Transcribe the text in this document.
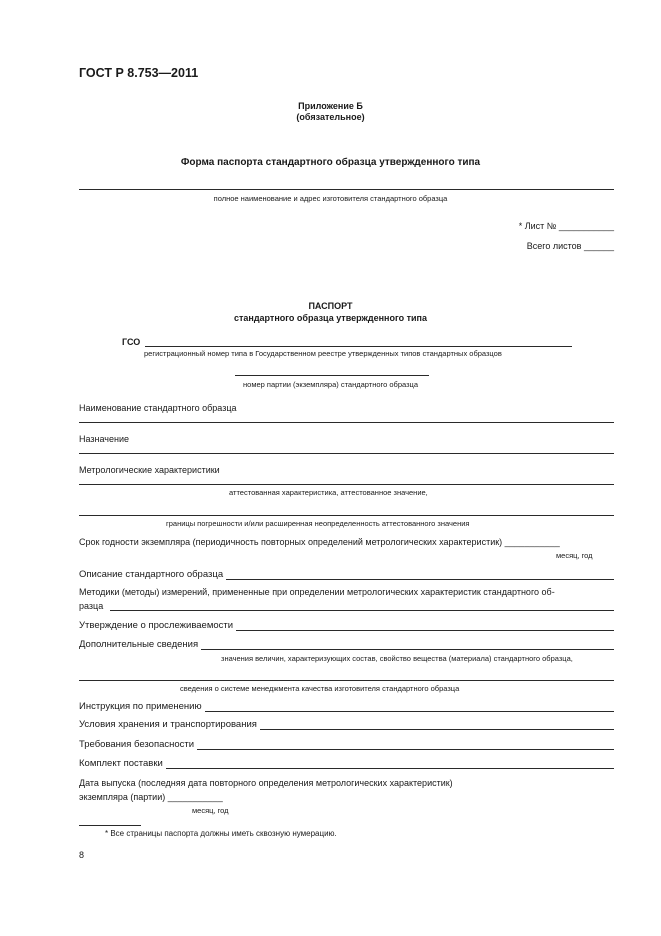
ГОСТ Р 8.753—2011
Приложение Б
(обязательное)
Форма паспорта стандартного образца утвержденного типа
полное наименование и адрес изготовителя стандартного образца
* Лист № ___________
Всего листов ______
ПАСПОРТ
стандартного образца утвержденного типа
ГСО
регистрационный номер типа в Государственном реестре утвержденных типов стандартных образцов
номер партии (экземпляра) стандартного образца
Наименование стандартного образца
Назначение
Метрологические характеристики
аттестованная характеристика, аттестованное значение,
границы погрешности и/или расширенная неопределенность аттестованного значения
Срок годности экземпляра (периодичность повторных определений метрологических характеристик) ___________
месяц, год
Описание стандартного образца
Методики (методы) измерений, примененные при определении метрологических характеристик стандартного об-
разца
Утверждение о прослеживаемости
Дополнительные сведения
значения величин, характеризующих состав, свойство вещества (материала) стандартного образца,
сведения о системе менеджмента качества изготовителя стандартного образца
Инструкция по применению
Условия хранения и транспортирования
Требования безопасности
Комплект поставки
Дата выпуска (последняя дата повторного определения метрологических характеристик)
экземпляра (партии) ___________
месяц, год
* Все страницы паспорта должны иметь сквозную нумерацию.
8
